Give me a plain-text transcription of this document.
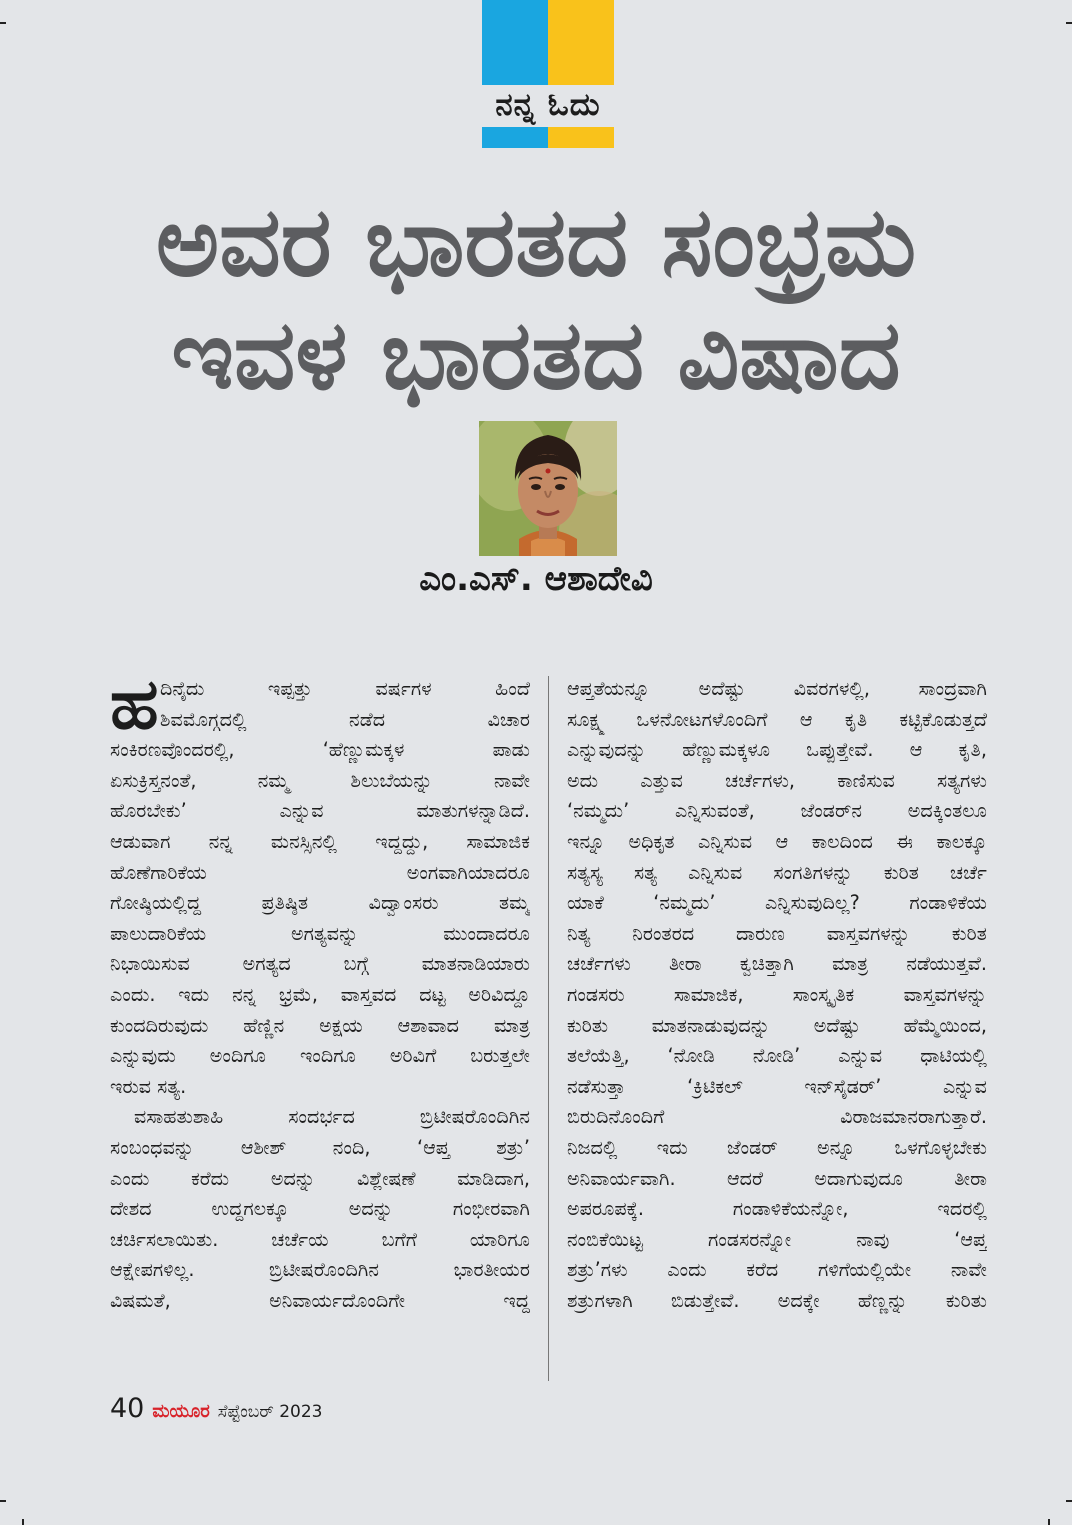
ನನ್ನ ಓದು
ಅವರ ಭಾರತದ ಸಂಭ್ರಮ
ಇವಳ ಭಾರತದ ವಿಷಾದ
ಎಂ.ಎಸ್. ಆಶಾದೇವಿ
ಹ ದಿನೈದು	ಇಪ್ಪತ್ತು	ವರ್ಷಗಳ	ಹಿಂದೆ
ಶಿವಮೊಗ್ಗದಲ್ಲಿ	ನಡೆದ	ವಿಚಾರ
ಸಂಕಿರಣವೊಂದರಲ್ಲಿ,	‘ಹೆಣ್ಣುಮಕ್ಕಳ	ಪಾಡು
ಏಸುಕ್ರಿಸ್ತನಂತೆ,	ನಮ್ಮ	ಶಿಲುಬೆಯನ್ನು	ನಾವೇ
ಹೊರಬೇಕು’	ಎನ್ನುವ	ಮಾತುಗಳನ್ನಾಡಿದೆ.
ಆಡುವಾಗ ನನ್ನ ಮನಸ್ಸಿನಲ್ಲಿ ಇದ್ದದ್ದು, ಸಾಮಾಜಿಕ
ಹೊಣೆಗಾರಿಕೆಯ	ಅಂಗವಾಗಿಯಾದರೂ
ಗೋಷ್ಠಿಯಲ್ಲಿದ್ದ	ಪ್ರತಿಷ್ಠಿತ	ವಿದ್ವಾಂಸರು	ತಮ್ಮ
ಪಾಲುದಾರಿಕೆಯ	ಅಗತ್ಯವನ್ನು	ಮುಂದಾದರೂ
ನಿಭಾಯಿಸುವ	ಅಗತ್ಯದ	ಬಗ್ಗೆ	ಮಾತನಾಡಿಯಾರು
ಎಂದು. ಇದು ನನ್ನ ಭ್ರಮೆ, ವಾಸ್ತವದ ದಟ್ಟ ಅರಿವಿದ್ದೂ
ಕುಂದದಿರುವುದು ಹೆಣ್ಣಿನ ಅಕ್ಷಯ ಆಶಾವಾದ ಮಾತ್ರ
ಎನ್ನುವುದು ಅಂದಿಗೂ ಇಂದಿಗೂ ಅರಿವಿಗೆ ಬರುತ್ತಲೇ
ಇರುವ ಸತ್ಯ.
ವಸಾಹತುಶಾಹಿ	ಸಂದರ್ಭದ	ಬ್ರಿಟೀಷರೊಂದಿಗಿನ
ಸಂಬಂಧವನ್ನು ಆಶೀಶ್ ನಂದಿ, ‘ಆಪ್ತ ಶತ್ರು’
ಎಂದು ಕರೆದು ಅದನ್ನು ವಿಶ್ಲೇಷಣೆ ಮಾಡಿದಾಗ,
ದೇಶದ	ಉದ್ದಗಲಕ್ಕೂ	ಅದನ್ನು	ಗಂಭೀರವಾಗಿ
ಚರ್ಚಿಸಲಾಯಿತು.	ಚರ್ಚೆಯ	ಬಗೆಗೆ	ಯಾರಿಗೂ
ಆಕ್ಷೇಪಗಳಿಲ್ಲ.	ಬ್ರಿಟೀಷರೊಂದಿಗಿನ	ಭಾರತೀಯರ
ವಿಷಮತೆ,	ಅನಿವಾರ್ಯದೊಂದಿಗೇ	ಇದ್ದ
ಆಪ್ತತೆಯನ್ನೂ	ಅದೆಷ್ಟು	ವಿವರಗಳಲ್ಲಿ,	ಸಾಂದ್ರವಾಗಿ
ಸೂಕ್ಷ್ಮ ಒಳನೋಟಗಳೊಂದಿಗೆ ಆ ಕೃತಿ ಕಟ್ಟಿಕೊಡುತ್ತದೆ
ಎನ್ನುವುದನ್ನು ಹೆಣ್ಣುಮಕ್ಕಳೂ ಒಪ್ಪುತ್ತೇವೆ. ಆ ಕೃತಿ,
ಅದು ಎತ್ತುವ ಚರ್ಚೆಗಳು, ಕಾಣಿಸುವ ಸತ್ಯಗಳು
‘ನಮ್ಮದು’ ಎನ್ನಿಸುವಂತೆ, ಜೆಂಡರ್‌ನ ಅದಕ್ಕಿಂತಲೂ
ಇನ್ನೂ ಅಧಿಕೃತ ಎನ್ನಿಸುವ ಆ ಕಾಲದಿಂದ ಈ ಕಾಲಕ್ಕೂ
ಸತ್ಯಸ್ಯ ಸತ್ಯ ಎನ್ನಿಸುವ ಸಂಗತಿಗಳನ್ನು ಕುರಿತ ಚರ್ಚೆ
ಯಾಕೆ	‘ನಮ್ಮದು’	ಎನ್ನಿಸುವುದಿಲ್ಲ?	ಗಂಡಾಳಿಕೆಯ
ನಿತ್ಯ ನಿರಂತರದ ದಾರುಣ ವಾಸ್ತವಗಳನ್ನು ಕುರಿತ
ಚರ್ಚೆಗಳು ತೀರಾ ಕ್ವಚಿತ್ತಾಗಿ ಮಾತ್ರ ನಡೆಯುತ್ತವೆ.
ಗಂಡಸರು	ಸಾಮಾಜಿಕ,	ಸಾಂಸ್ಕೃತಿಕ	ವಾಸ್ತವಗಳನ್ನು
ಕುರಿತು ಮಾತನಾಡುವುದನ್ನು ಅದೆಷ್ಟು ಹೆಮ್ಮೆಯಿಂದ,
ತಲೆಯೆತ್ತಿ, ‘ನೋಡಿ ನೋಡಿ’ ಎನ್ನುವ ಧಾಟಿಯಲ್ಲಿ
ನಡೆಸುತ್ತಾ	‘ಕ್ರಿಟಿಕಲ್	ಇನ್‌ಸೈಡರ್’	ಎನ್ನುವ
ಬಿರುದಿನೊಂದಿಗೆ	ವಿರಾಜಮಾನರಾಗುತ್ತಾರೆ.
ನಿಜದಲ್ಲಿ ಇದು ಜೆಂಡರ್ ಅನ್ನೂ ಒಳಗೊಳ್ಳಬೇಕು
ಅನಿವಾರ್ಯವಾಗಿ.	ಆದರೆ	ಅದಾಗುವುದೂ	ತೀರಾ
ಅಪರೂಪಕ್ಕೆ.	ಗಂಡಾಳಿಕೆಯನ್ನೋ,	ಇದರಲ್ಲಿ
ನಂಬಿಕೆಯಿಟ್ಟ	ಗಂಡಸರನ್ನೋ	ನಾವು	‘ಆಪ್ತ
ಶತ್ರು’ಗಳು ಎಂದು ಕರೆದ ಗಳಿಗೆಯಲ್ಲಿಯೇ ನಾವೇ
ಶತ್ರುಗಳಾಗಿ ಬಿಡುತ್ತೇವೆ. ಅದಕ್ಕೇ ಹೆಣ್ಣನ್ನು ಕುರಿತು
40 ಮಯೂರ ಸೆಪ್ಟೆಂಬರ್ 2023
